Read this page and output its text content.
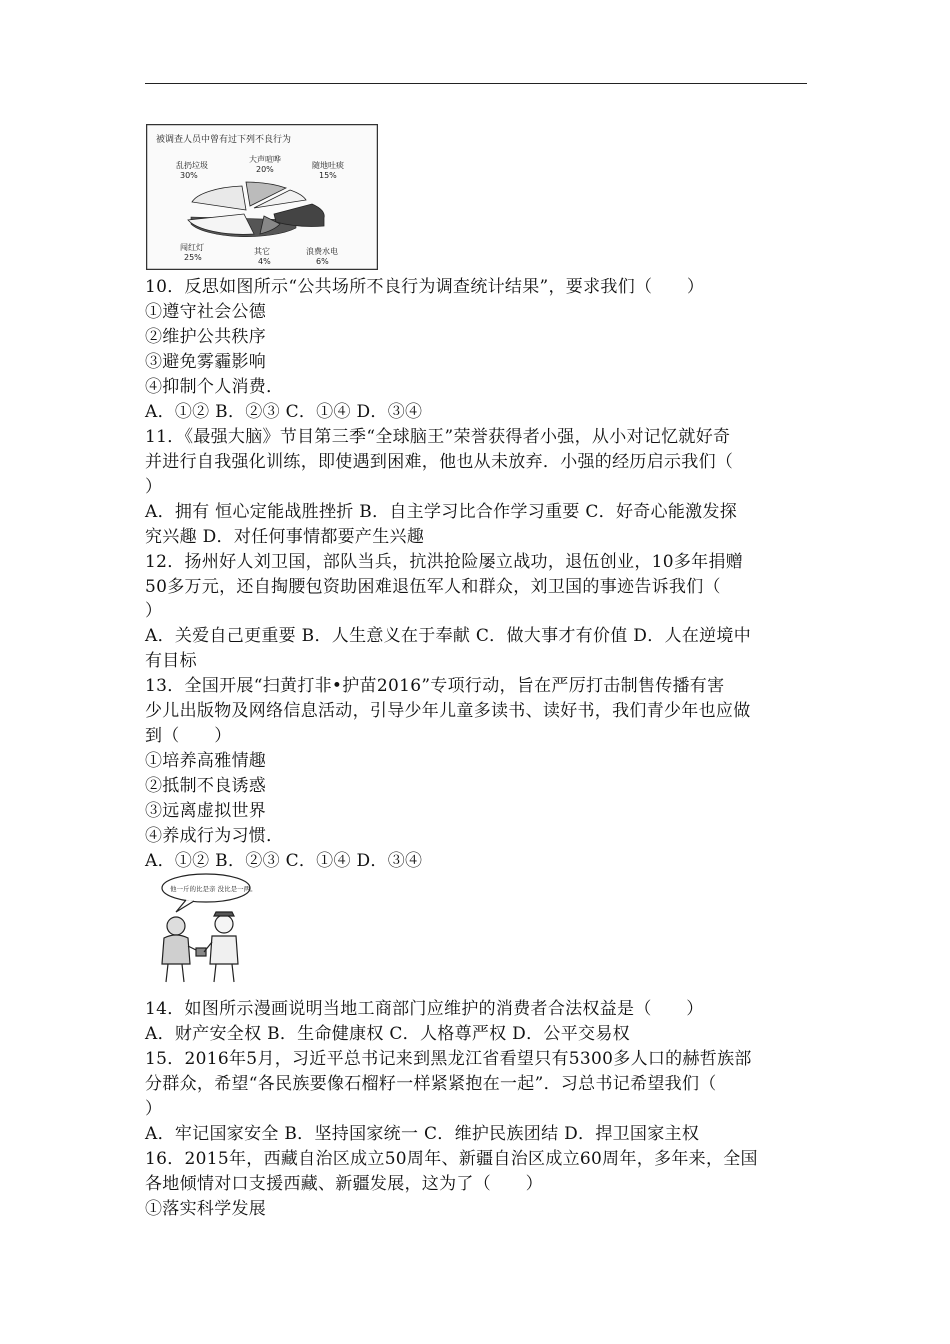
被调查人员中曾有过下列不良行为
乱扔垃圾
30%
大声喧哗
20%	随地吐痰
15%
浪费水电
6%
其它
4%
闯红灯
25%
他一斤的比是亲 没比是一两。
10．反思如图所示“公共场所不良行为调查统计结果”，要求我们（　　）
①遵守社会公德
②维护公共秩序
③避免雾霾影响
④抑制个人消费．
A．①② B．②③ C．①④ D．③④
11．《最强大脑》节目第三季“全球脑王”荣誉获得者小强，从小对记忆就好奇
并进行自我强化训练，即使遇到困难，他也从未放弃．小强的经历启示我们（
）
A．拥有 恒心定能战胜挫折 B．自主学习比合作学习重要 C．好奇心能激发探
究兴趣 D．对任何事情都要产生兴趣
12．扬州好人刘卫国，部队当兵，抗洪抢险屡立战功，退伍创业，10多年捐赠
50多万元，还自掏腰包资助困难退伍军人和群众，刘卫国的事迹告诉我们（
）
A．关爱自己更重要 B．人生意义在于奉献 C．做大事才有价值 D．人在逆境中
有目标
13．全国开展“扫黄打非•护苗2016”专项行动，旨在严厉打击制售传播有害
少儿出版物及网络信息活动，引导少年儿童多读书、读好书，我们青少年也应做
到（　　）
①培养高雅情趣
②抵制不良诱惑
③远离虚拟世界
④养成行为习惯．
A．①② B．②③ C．①④ D．③④
14．如图所示漫画说明当地工商部门应维护的消费者合法权益是（　　）
A．财产安全权 B．生命健康权 C．人格尊严权 D．公平交易权
15．2016年5月，习近平总书记来到黑龙江省看望只有5300多人口的赫哲族部
分群众，希望“各民族要像石榴籽一样紧紧抱在一起”．习总书记希望我们（
）
A．牢记国家安全 B．坚持国家统一 C．维护民族团结 D．捍卫国家主权
16．2015年，西藏自治区成立50周年、新疆自治区成立60周年，多年来，全国
各地倾情对口支援西藏、新疆发展，这为了（　　）
①落实科学发展
